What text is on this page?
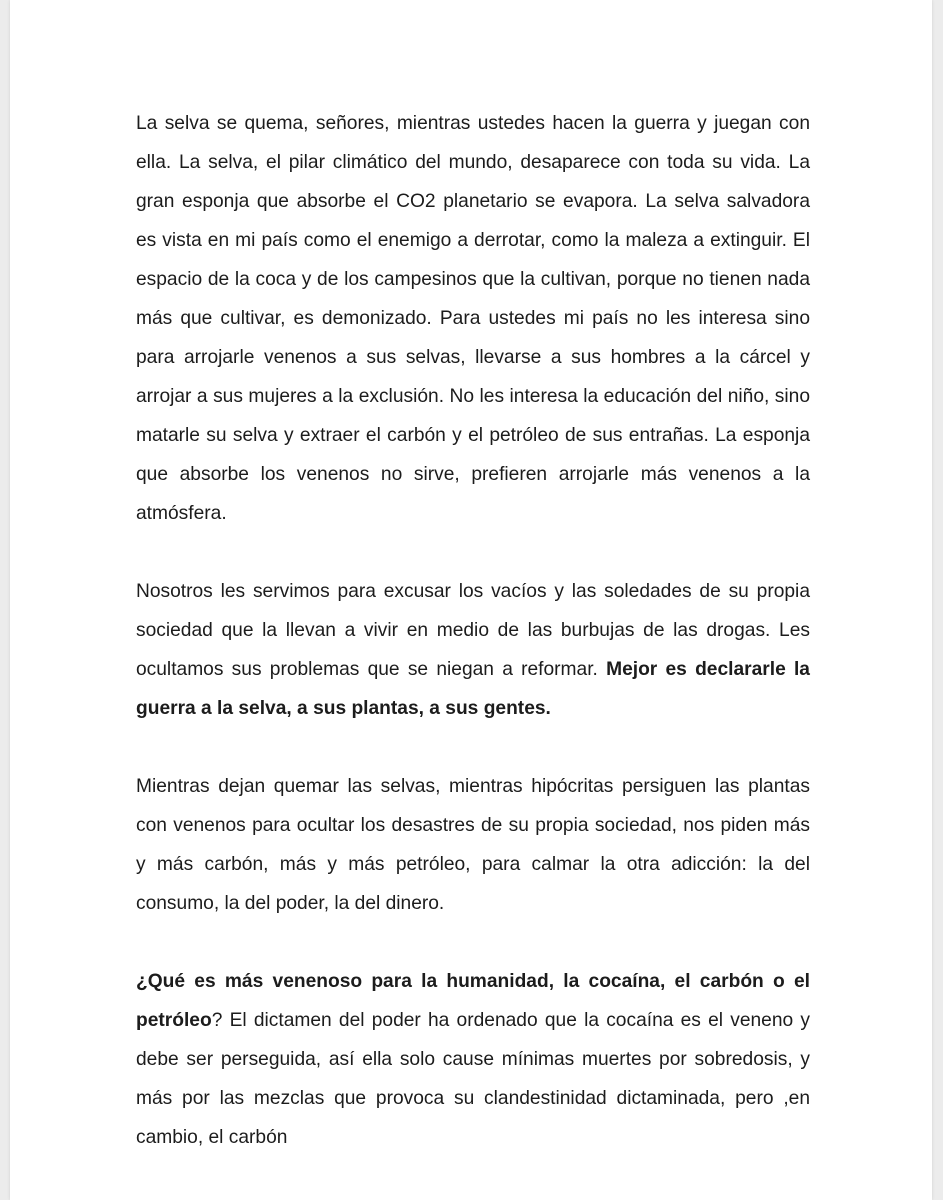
La selva se quema, señores, mientras ustedes hacen la guerra y juegan con ella. La selva, el pilar climático del mundo, desaparece con toda su vida. La gran esponja que absorbe el CO2 planetario se evapora. La selva salvadora es vista en mi país como el enemigo a derrotar, como la maleza a extinguir. El espacio de la coca y de los campesinos que la cultivan, porque no tienen nada más que cultivar, es demonizado. Para ustedes mi país no les interesa sino para arrojarle venenos a sus selvas, llevarse a sus hombres a la cárcel y arrojar a sus mujeres a la exclusión. No les interesa la educación del niño, sino matarle su selva y extraer el carbón y el petróleo de sus entrañas. La esponja que absorbe los venenos no sirve, prefieren arrojarle más venenos a la atmósfera.

Nosotros les servimos para excusar los vacíos y las soledades de su propia sociedad que la llevan a vivir en medio de las burbujas de las drogas. Les ocultamos sus problemas que se niegan a reformar. Mejor es declararle la guerra a la selva, a sus plantas, a sus gentes.

Mientras dejan quemar las selvas, mientras hipócritas persiguen las plantas con venenos para ocultar los desastres de su propia sociedad, nos piden más y más carbón, más y más petróleo, para calmar la otra adicción: la del consumo, la del poder, la del dinero.

¿Qué es más venenoso para la humanidad, la cocaína, el carbón o el petróleo? El dictamen del poder ha ordenado que la cocaína es el veneno y debe ser perseguida, así ella solo cause mínimas muertes por sobredosis, y más por las mezclas que provoca su clandestinidad dictaminada, pero ,en cambio, el carbón
